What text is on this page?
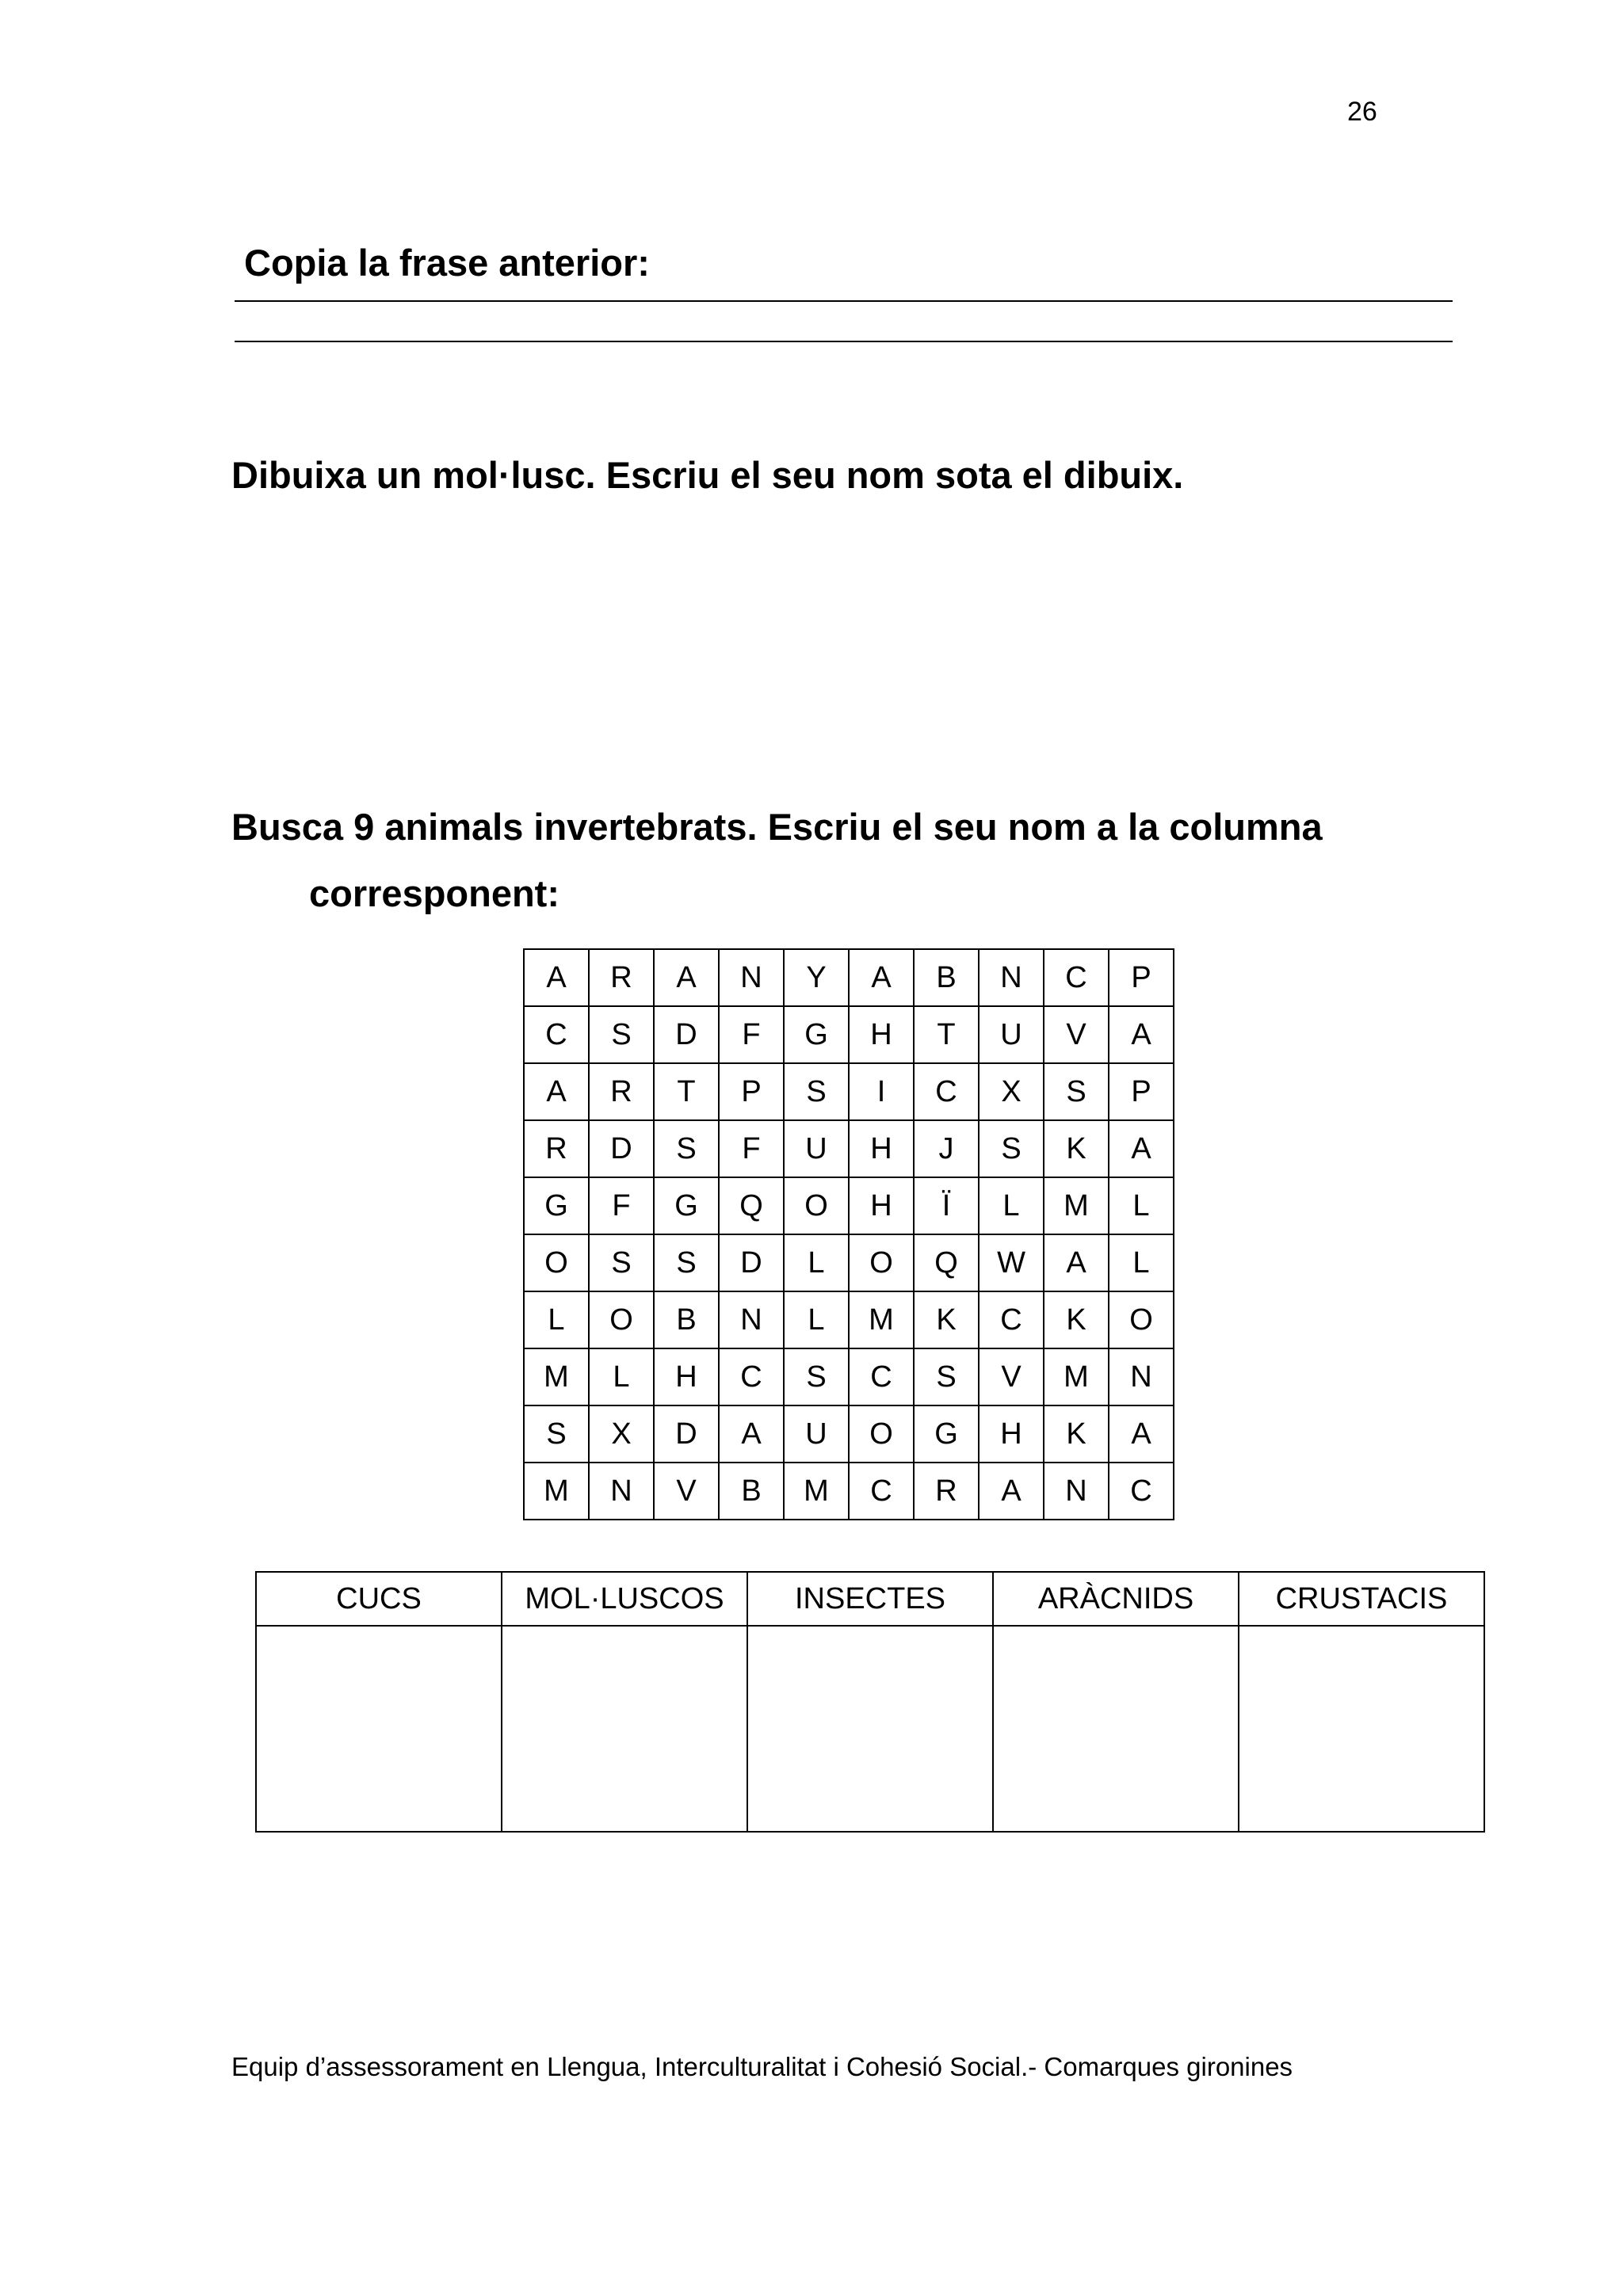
26
Copia la frase anterior:
Dibuixa un mol·lusc. Escriu el seu nom sota el dibuix.
Busca 9 animals invertebrats. Escriu el seu nom a la columna
corresponent:
A	R	A	N	Y	A	B	N	C	P
C	S	D	F	G	H	T	U	V	A
A	R	T	P	S	I	C	X	S	P
R	D	S	F	U	H	J	S	K	A
G	F	G	Q	O	H	Ï	L	M	L
O	S	S	D	L	O	Q	W	A	L
L	O	B	N	L	M	K	C	K	O
M	L	H	C	S	C	S	V	M	N
S	X	D	A	U	O	G	H	K	A
M	N	V	B	M	C	R	A	N	C
CUCS	MOL·LUSCOS	INSECTES	ARÀCNIDS	CRUSTACIS

Equip d’assessorament en Llengua, Interculturalitat i Cohesió Social.- Comarques gironines
